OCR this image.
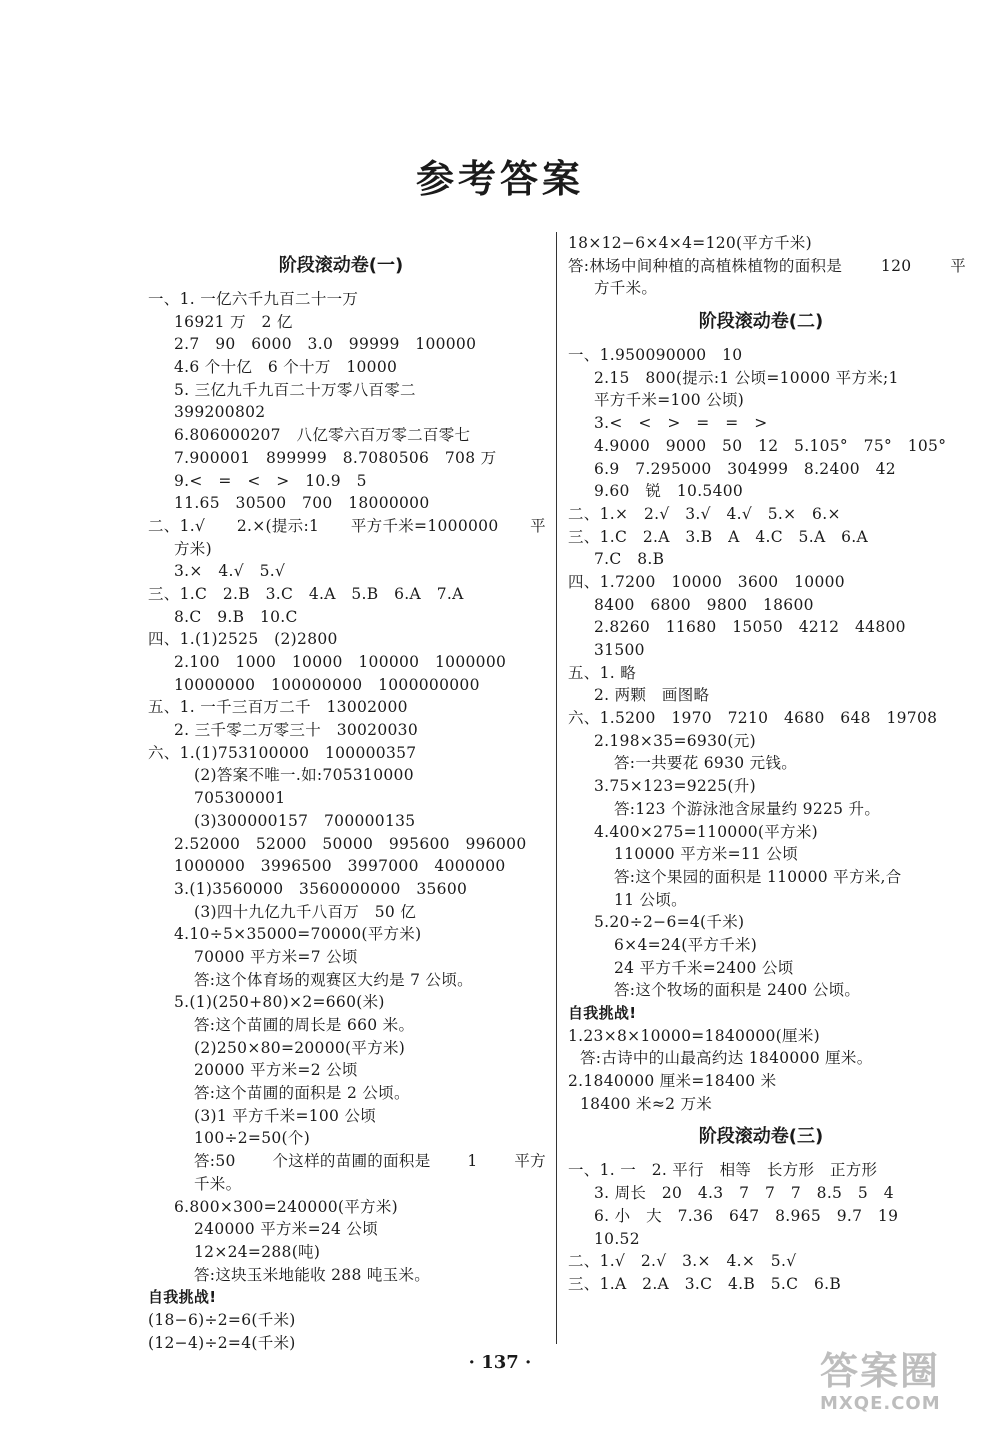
参考答案
阶段滚动卷(一)
一、1. 一亿六千九百二十一万
16921 万   2 亿
2.7   90   6000   3.0   99999   100000
4.6 个十亿   6 个十万   10000
5. 三亿九千九百二十万零八百零二
399200802
6.806000207   八亿零六百万零二百零七
7.900001   899999   8.7080506   708 万
9.<   =   <   >   10.9   5
11.65   30500   700   18000000
二、1.√ 2.×(提示:1 平方千米=1000000 平
方米)
3.×   4.√   5.√
三、1.C   2.B   3.C   4.A   5.B   6.A   7.A
8.C   9.B   10.C
四、1.(1)2525   (2)2800
2.100   1000   10000   100000   1000000
10000000   100000000   1000000000
五、1. 一千三百万二千   13002000
2. 三千零二万零三十   30020030
六、1.(1)753100000   100000357
(2)答案不唯一.如:705310000
705300001
(3)300000157   700000135
2.52000   52000   50000   995600   996000
1000000   3996500   3997000   4000000
3.(1)3560000   3560000000   35600
(3)四十九亿九千八百万   50 亿
4.10÷5×35000=70000(平方米)
70000 平方米=7 公顷
答:这个体育场的观赛区大约是 7 公顷。
5.(1)(250+80)×2=660(米)
答:这个苗圃的周长是 660 米。
(2)250×80=20000(平方米)
20000 平方米=2 公顷
答:这个苗圃的面积是 2 公顷。
(3)1 平方千米=100 公顷
100÷2=50(个)
答:50 个这样的苗圃的面积是 1 平方
千米。
6.800×300=240000(平方米)
240000 平方米=24 公顷
12×24=288(吨)
答:这块玉米地能收 288 吨玉米。
自我挑战!
(18−6)÷2=6(千米)
(12−4)÷2=4(千米)
18×12−6×4×4=120(平方千米)
答:林场中间种植的高植株植物的面积是	120	平
方千米。
阶段滚动卷(二)
一、1.950090000   10
2.15   800(提示:1 公顷=10000 平方米;1
平方千米=100 公顷)
3.<   <   >   =   =   >
4.9000   9000   50   12   5.105°   75°   105°
6.9   7.295000   304999   8.2400   42
9.60   锐   10.5400
二、1.×   2.√   3.√   4.√   5.×   6.×
三、1.C   2.A   3.B   A   4.C   5.A   6.A
7.C   8.B
四、1.7200   10000   3600   10000
8400   6800   9800   18600
2.8260   11680   15050   4212   44800
31500
五、1. 略
2. 两颗   画图略
六、1.5200   1970   7210   4680   648   19708
2.198×35=6930(元)
答:一共要花 6930 元钱。
3.75×123=9225(升)
答:123 个游泳池含尿量约 9225 升。
4.400×275=110000(平方米)
110000 平方米=11 公顷
答:这个果园的面积是 110000 平方米,合
11 公顷。
5.20÷2−6=4(千米)
6×4=24(平方千米)
24 平方千米=2400 公顷
答:这个牧场的面积是 2400 公顷。
自我挑战!
1.23×8×10000=1840000(厘米)
答:古诗中的山最高约达 1840000 厘米。
2.1840000 厘米=18400 米
18400 米≈2 万米
阶段滚动卷(三)
一、1. 一   2. 平行   相等   长方形   正方形
3. 周长   20   4.3   7   7   7   8.5   5   4
6. 小   大   7.36   647   8.965   9.7   19
10.52
二、1.√   2.√   3.×   4.×   5.√
三、1.A   2.A   3.C   4.B   5.C   6.B
· 137 ·	答案圈
MXQE.COM
